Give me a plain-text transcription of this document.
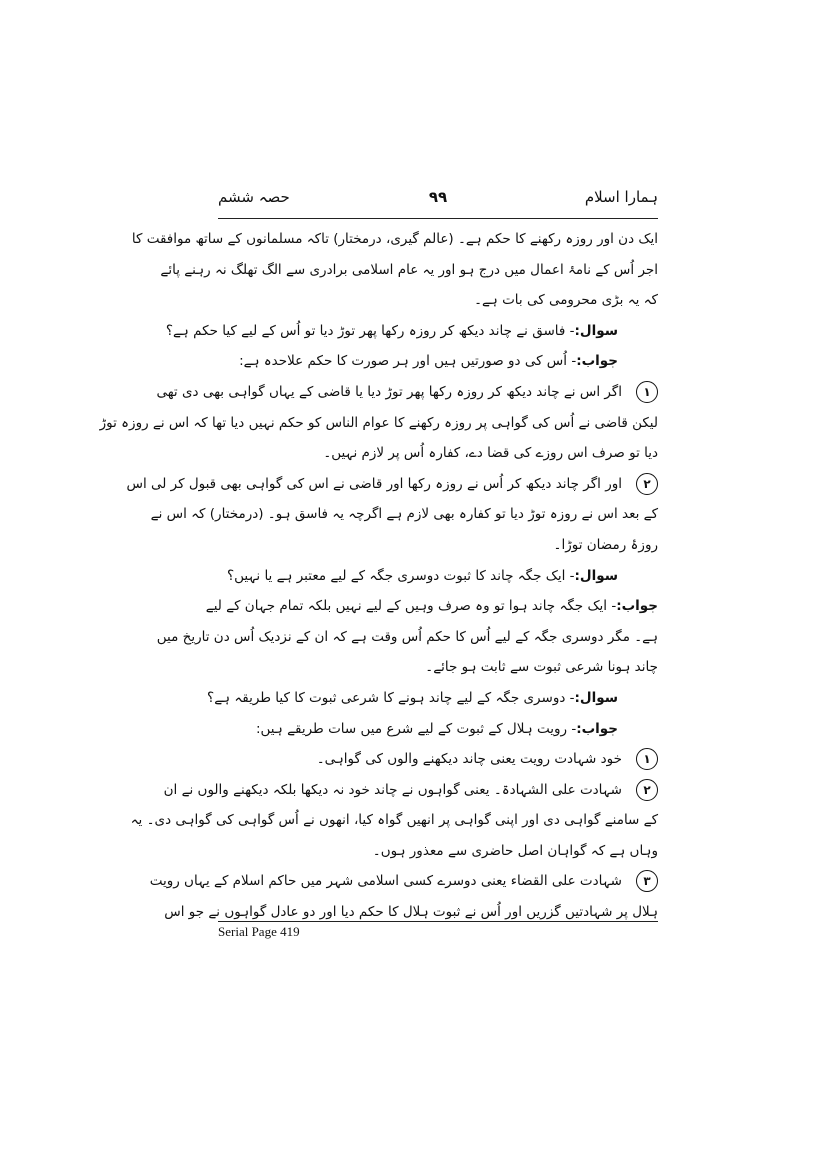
ہمارا اسلام
۹۹
حصہ ششم
ایک دن اور روزہ رکھنے کا حکم ہے۔ (عالم گیری، درمختار) تاکہ مسلمانوں کے ساتھ موافقت کا
اجر اُس کے نامۂ اعمال میں درج ہو اور یہ عام اسلامی برادری سے الگ تھلگ نہ رہنے پائے
کہ یہ بڑی محرومی کی بات ہے۔
سوال:- فاسق نے چاند دیکھ کر روزہ رکھا پھر توڑ دیا تو اُس کے لیے کیا حکم ہے؟
جواب:- اُس کی دو صورتیں ہیں اور ہر صورت کا حکم علاحدہ ہے:
۱اگر اس نے چاند دیکھ کر روزہ رکھا پھر توڑ دیا یا قاضی کے یہاں گواہی بھی دی تھی
لیکن قاضی نے اُس کی گواہی پر روزہ رکھنے کا عوام الناس کو حکم نہیں دیا تھا کہ اس نے روزہ توڑ
دیا تو صرف اس روزے کی قضا دے، کفارہ اُس پر لازم نہیں۔
۲اور اگر چاند دیکھ کر اُس نے روزہ رکھا اور قاضی نے اس کی گواہی بھی قبول کر لی اس
کے بعد اس نے روزہ توڑ دیا تو کفارہ بھی لازم ہے اگرچہ یہ فاسق ہو۔ (درمختار) کہ اس نے
روزۂ رمضان توڑا۔
سوال:- ایک جگہ چاند کا ثبوت دوسری جگہ کے لیے معتبر ہے یا نہیں؟
جواب:- ایک جگہ چاند ہوا تو وہ صرف وہیں کے لیے نہیں بلکہ تمام جہان کے لیے
ہے۔ مگر دوسری جگہ کے لیے اُس کا حکم اُس وقت ہے کہ ان کے نزدیک اُس دن تاریخ میں
چاند ہونا شرعی ثبوت سے ثابت ہو جائے۔
سوال:- دوسری جگہ کے لیے چاند ہونے کا شرعی ثبوت کا کیا طریقہ ہے؟
جواب:- رویت ہلال کے ثبوت کے لیے شرع میں سات طریقے ہیں:
۱خود شہادت رویت یعنی چاند دیکھنے والوں کی گواہی۔
۲شہادت علی الشہادۃ۔ یعنی گواہوں نے چاند خود نہ دیکھا بلکہ دیکھنے والوں نے ان
کے سامنے گواہی دی اور اپنی گواہی پر انھیں گواہ کیا، انھوں نے اُس گواہی کی گواہی دی۔ یہ
وہاں ہے کہ گواہان اصل حاضری سے معذور ہوں۔
۳شہادت علی القضاء یعنی دوسرے کسی اسلامی شہر میں حاکم اسلام کے یہاں رویت
ہلال پر شہادتیں گزریں اور اُس نے ثبوت ہلال کا حکم دیا اور دو عادل گواہوں نے جو اس
Serial Page 419
